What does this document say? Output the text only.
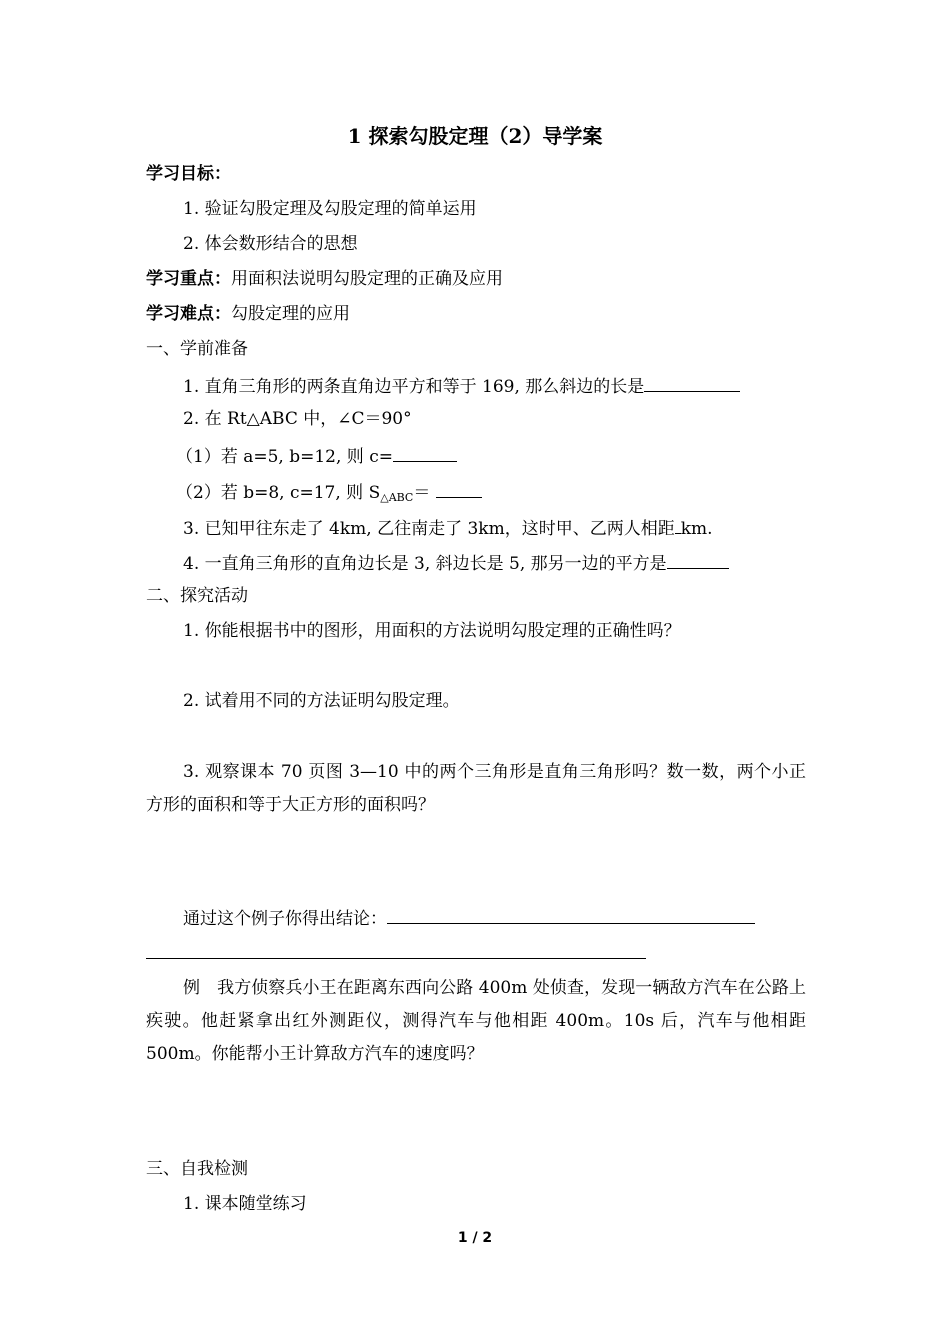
1 探索勾股定理（2）导学案
学习目标：
1. 验证勾股定理及勾股定理的简单运用
2. 体会数形结合的思想
学习重点：用面积法说明勾股定理的正确及应用
学习难点：勾股定理的应用
一、学前准备
1. 直角三角形的两条直角边平方和等于 169, 那么斜边的长是
2. 在 Rt△ABC 中，∠C＝90°
（1）若 a=5, b=12, 则 c=
（2）若 b=8, c=17, 则 $S_{\triangle ABC}=$
3. 已知甲往东走了 4km, 乙往南走了 3km，这时甲、乙两人相距 km.
4. 一直角三角形的直角边长是 3, 斜边长是 5, 那另一边的平方是
二、探究活动
1. 你能根据书中的图形，用面积的方法说明勾股定理的正确性吗？
2. 试着用不同的方法证明勾股定理。
3. 观察课本 70 页图 3—10 中的两个三角形是直角三角形吗？数一数，两个小正方形的面积和等于大正方形的面积吗？
通过这个例子你得出结论：
例　我方侦察兵小王在距离东西向公路 400m 处侦查，发现一辆敌方汽车在公路上疾驶。他赶紧拿出红外测距仪，测得汽车与他相距 400m。10s 后，汽车与他相距 500m。你能帮小王计算敌方汽车的速度吗？
三、自我检测
1. 课本随堂练习
1 / 2
